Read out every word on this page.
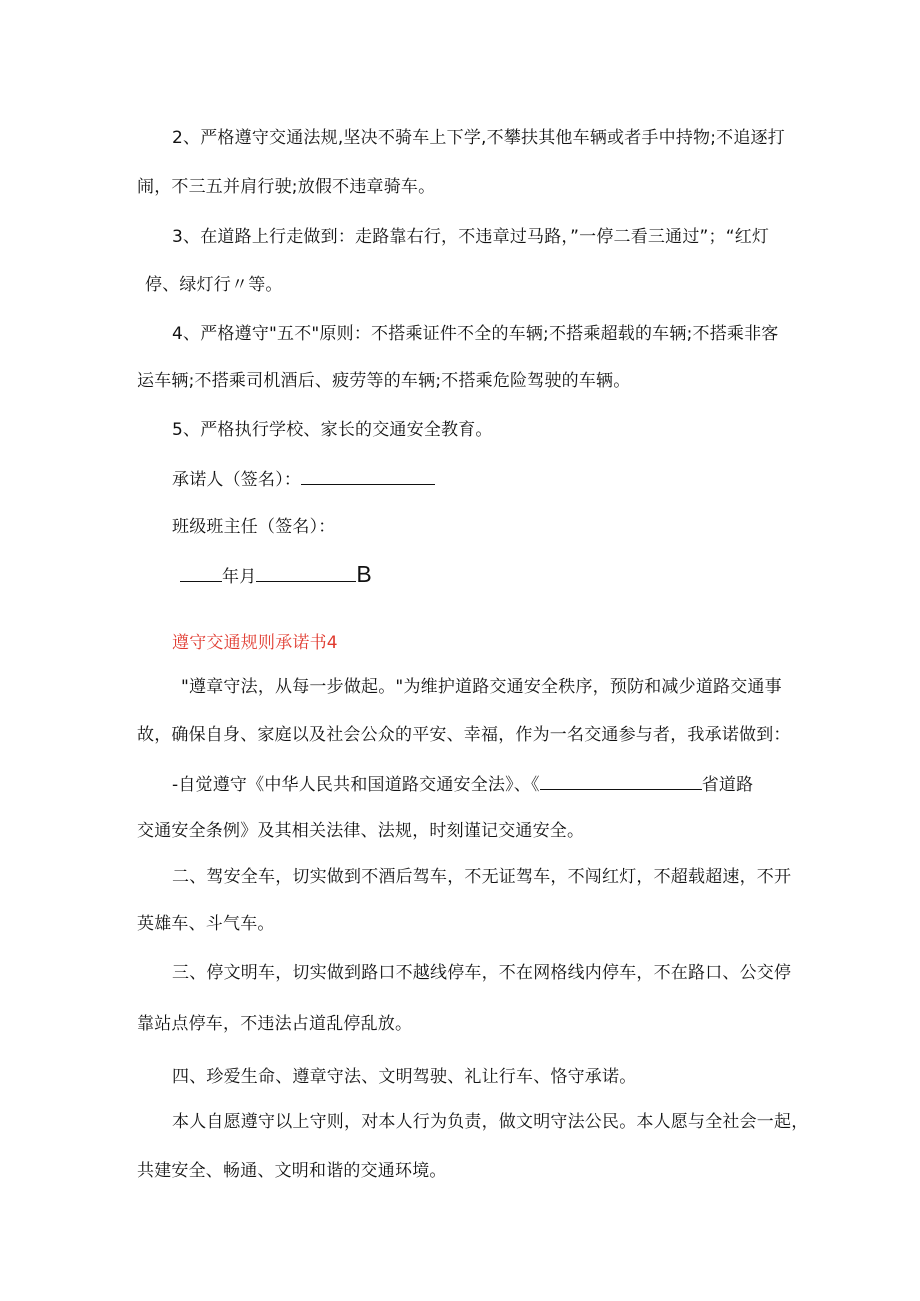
2、严格遵守交通法规,坚决不骑车上下学,不攀扶其他车辆或者手中持物;不追逐打
闹，不三五并肩行驶;放假不违章骑车。
3、在道路上行走做到：走路靠右行，不违章过马路，”一停二看三通过”；“红灯
停、绿灯行〃等。
4、严格遵守"五不"原则：不搭乘证件不全的车辆;不搭乘超载的车辆;不搭乘非客
运车辆;不搭乘司机酒后、疲劳等的车辆;不搭乘危险驾驶的车辆。
5、严格执行学校、家长的交通安全教育。
承诺人（签名）：
班级班主任（签名）：
年月	B
遵守交通规则承诺书4
"遵章守法，从每一步做起。"为维护道路交通安全秩序，预防和减少道路交通事
故，确保自身、家庭以及社会公众的平安、幸福，作为一名交通参与者，我承诺做到：
-自觉遵守《中华人民共和国道路交通安全法》、《	省道路
交通安全条例》及其相关法律、法规，时刻谨记交通安全。
二、驾安全车，切实做到不酒后驾车，不无证驾车，不闯红灯，不超载超速，不开
英雄车、斗气车。
三、停文明车，切实做到路口不越线停车，不在网格线内停车，不在路口、公交停
靠站点停车，不违法占道乱停乱放。
四、珍爱生命、遵章守法、文明驾驶、礼让行车、恪守承诺。
本人自愿遵守以上守则，对本人行为负责，做文明守法公民。本人愿与全社会一起，
共建安全、畅通、文明和谐的交通环境。
